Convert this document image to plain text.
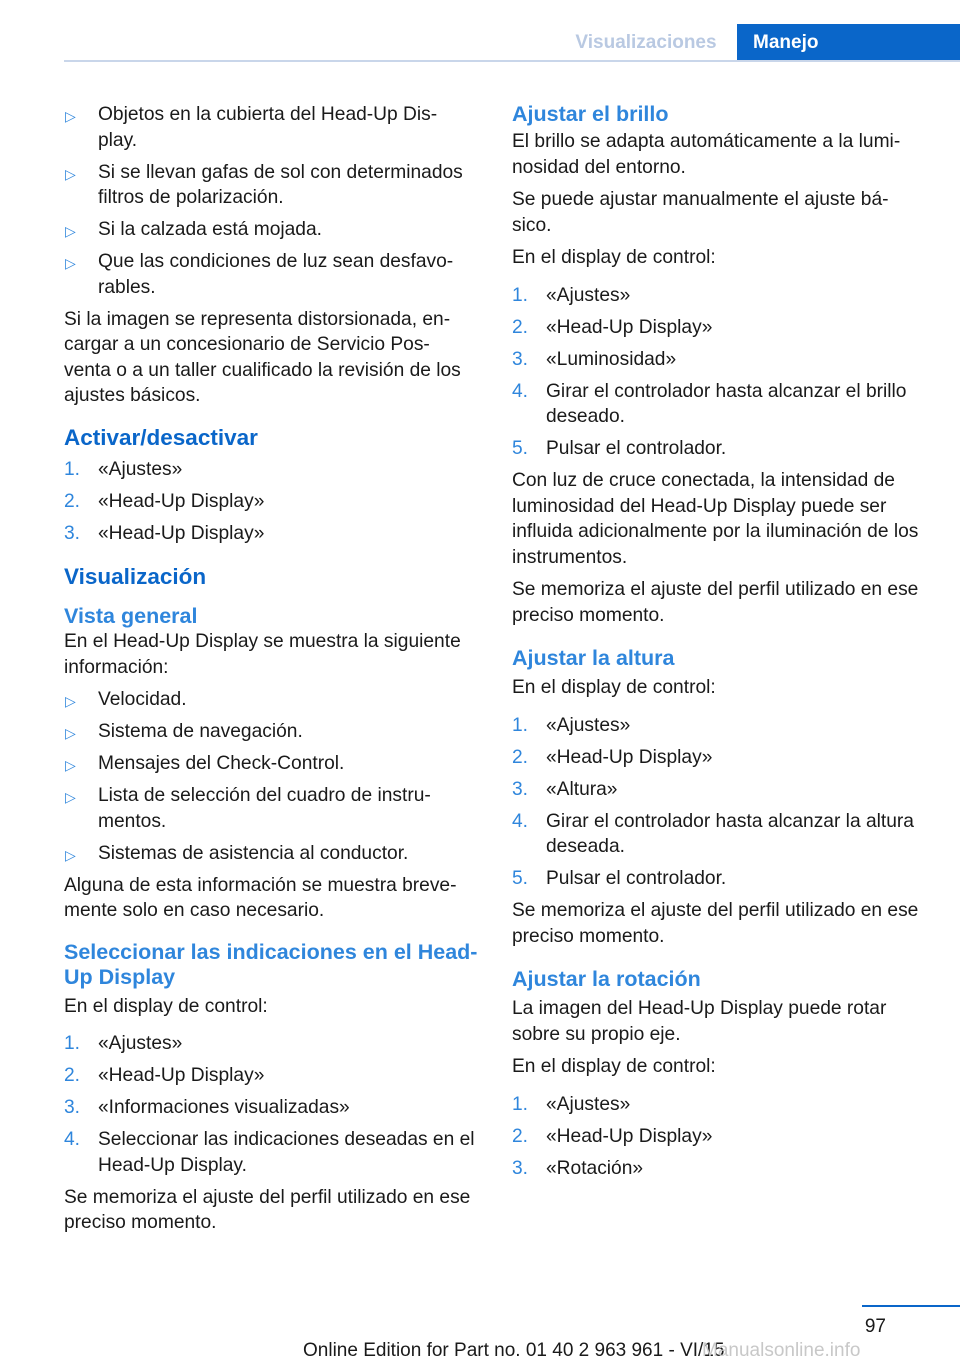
Visualizaciones	Manejo
▷ Objetos en la cubierta del Head-Up Dis‐ play.
▷ Si se llevan gafas de sol con determinados filtros de polarización.
▷ Si la calzada está mojada.
▷ Que las condiciones de luz sean desfavo‐ rables.

Si la imagen se representa distorsionada, en‐ cargar a un concesionario de Servicio Pos‐ venta o a un taller cualificado la revisión de los ajustes básicos.

Activar/desactivar
1. «Ajustes»
2. «Head-Up Display»
3. «Head-Up Display»
Visualización
Vista general

En el Head-Up Display se muestra la siguiente información:

▷ Velocidad.
▷ Sistema de navegación.
▷ Mensajes del Check-Control.
▷ Lista de selección del cuadro de instru‐ mentos.
▷ Sistemas de asistencia al conductor.

Alguna de esta información se muestra breve‐ mente solo en caso necesario.

Seleccionar las indicaciones en el Head-Up Display

En el display de control:

1. «Ajustes»
2. «Head-Up Display»
3. «Informaciones visualizadas»
4. Seleccionar las indicaciones deseadas en el Head-Up Display.

Se memoriza el ajuste del perfil utilizado en ese preciso momento.

Ajustar el brillo

El brillo se adapta automáticamente a la lumi‐ nosidad del entorno.

Se puede ajustar manualmente el ajuste bá‐ sico.

En el display de control:

1. «Ajustes»
2. «Head-Up Display»
3. «Luminosidad»
4. Girar el controlador hasta alcanzar el brillo deseado.
5. Pulsar el controlador.

Con luz de cruce conectada, la intensidad de luminosidad del Head-Up Display puede ser influida adicionalmente por la iluminación de los instrumentos.

Se memoriza el ajuste del perfil utilizado en ese preciso momento.

Ajustar la altura

En el display de control:

1. «Ajustes»
2. «Head-Up Display»
3. «Altura»
4. Girar el controlador hasta alcanzar la altura deseada.
5. Pulsar el controlador.

Se memoriza el ajuste del perfil utilizado en ese preciso momento.

Ajustar la rotación

La imagen del Head-Up Display puede rotar sobre su propio eje.

En el display de control:

1. «Ajustes»
2. «Head-Up Display»
3. «Rotación»
97
Online Edition for Part no. 01 40 2 963 961 - VI/15
Manualsonline.info
